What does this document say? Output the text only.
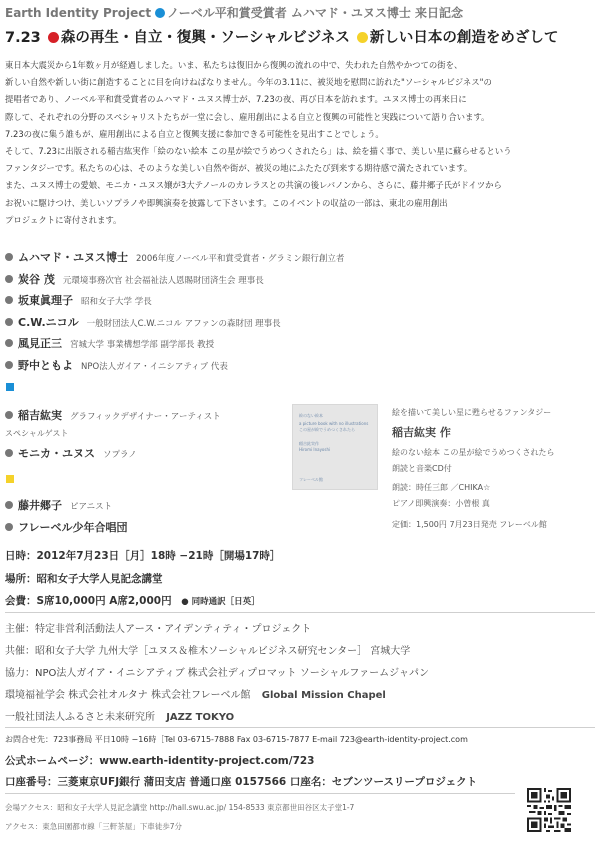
Earth Identity Project ノーベル平和賞受賞者 ムハマド・ユヌス博士 来日記念
7.23 森の再生・自立・復興・ソーシャルビジネス 新しい日本の創造をめざして

東日本大震災から1年数ヶ月が経過しました。いま、私たちは復旧から復興の流れの中で、失われた自然やかつての街を、

新しい自然や新しい街に創造することに目を向けねばなりません。今年の3.11に、被災地を慰問に訪れた"ソーシャルビジネス"の

提唱者であり、ノーベル平和賞受賞者のムハマド・ユヌス博士が、7.23の夜、再び日本を訪れます。ユヌス博士の再来日に

際して、それぞれの分野のスペシャリストたちが一堂に会し、雇用創出による自立と復興の可能性と実践について語り合います。

7.23の夜に集う誰もが、雇用創出による自立と復興支援に参加できる可能性を見出すことでしょう。

そして、7.23に出版される稲吉紘実作「絵のない絵本 この星が絵でうめつくされたら」は、絵を描く事で、美しい星に蘇らせるという

ファンタジーです。私たちの心は、そのような美しい自然や街が、被災の地にふたたび到来する期待感で満たされています。

また、ユヌス博士の愛娘、モニカ・ユヌス嬢が3大テノールのカレラスとの共演の後レバノンから、さらに、藤井郷子氏がドイツから

お祝いに駆けつけ、美しいソプラノや即興演奏を披露して下さいます。このイベントの収益の一部は、東北の雇用創出

プロジェクトに寄付されます。

ムハマド・ユヌス博士 2006年度ノーベル平和賞受賞者・グラミン銀行創立者
炭谷 茂 元環境事務次官 社会福祉法人恩賜財団済生会 理事長
坂東眞理子 昭和女子大学 学長
C.W.ニコル 一般財団法人C.W.ニコル アファンの森財団 理事長
風見正三 宮城大学 事業構想学部 副学部長 教授
野中ともよ NPO法人ガイア・イニシアティブ 代表
稲吉紘実 グラフィックデザイナー・アーティスト
スペシャルゲスト
モニカ・ユヌス ソプラノ
藤井郷子 ピアニスト
フレーベル少年合唱団
絵のない絵本
a picture book with no illustrations
この星が絵でうめつくされたら
稲吉紘実作
Hiromi Inayoshi
フレーベル館
絵を描いて美しい星に甦らせるファンタジー
稲吉紘実 作
絵のない絵本 この星が絵でうめつくされたら
朗読と音楽CD付
朗読：時任三郎 ／CHIKA☆
ピアノ即興演奏：小曽根 真
定価：1,500円 7月23日発売 フレーベル館
日時：2012年7月23日［月］18時 −21時［開場17時］
場所：昭和女子大学人見記念講堂
会費：S席10,000円 A席2,000円 ● 同時通訳［日英］
主催：特定非営利活動法人アース・アイデンティティ・プロジェクト
共催：昭和女子大学 九州大学［ユヌス＆椎木ソーシャルビジネス研究センター］ 宮城大学
協力：NPO法人ガイア・イニシアティブ 株式会社ディプロマット ソーシャルファームジャパン
環境福祉学会 株式会社オルタナ 株式会社フレーベル館 Global Mission Chapel
一般社団法人ふるさと未来研究所 JAZZ TOKYO
お問合せ先：723事務局 平日10時 −16時［Tel 03-6715-7888 Fax 03-6715-7877 E-mail 723@earth-identity-project.com
公式ホームページ：www.earth-identity-project.com/723
口座番号：三菱東京UFJ銀行 蒲田支店 普通口座 0157566 口座名：セブンツースリープロジェクト
会場アクセス：昭和女子大学人見記念講堂 http://hall.swu.ac.jp/ 154-8533 東京都世田谷区太子堂1-7
アクセス：東急田園都市線「三軒茶屋」下車徒歩7分
